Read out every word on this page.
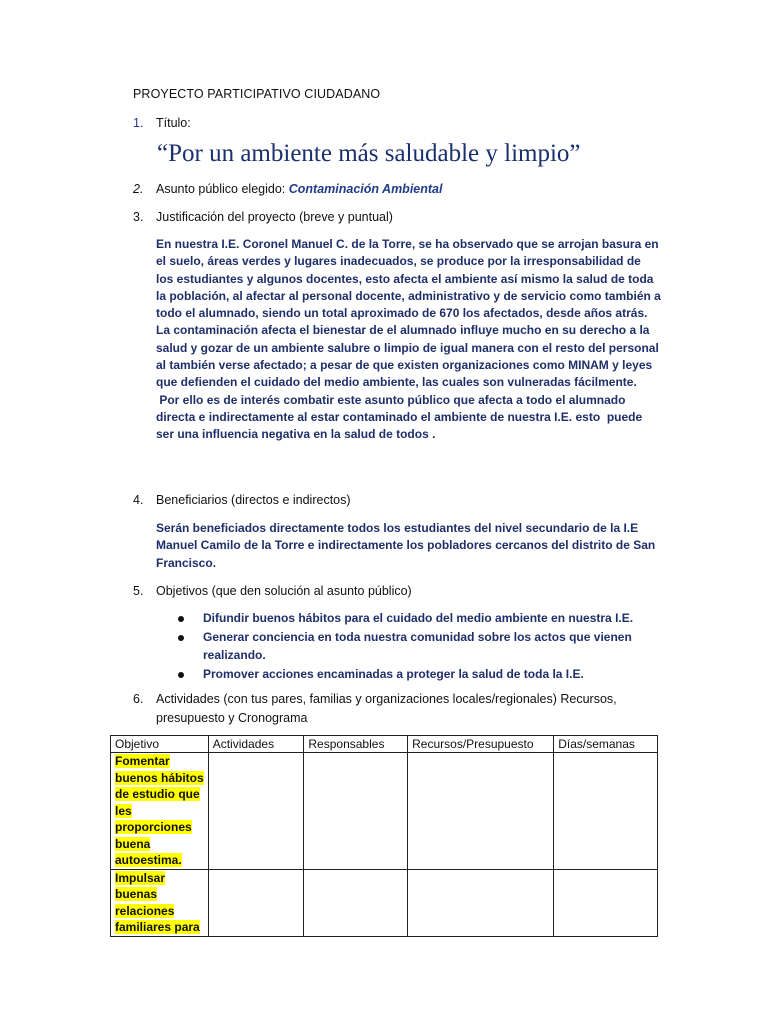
PROYECTO PARTICIPATIVO CIUDADANO
1. Título:
“Por un ambiente más saludable y limpio”
2. Asunto público elegido: Contaminación Ambiental
3. Justificación del proyecto (breve y puntual)

En nuestra I.E. Coronel Manuel C. de la Torre, se ha observado que se arrojan basura en el suelo, áreas verdes y lugares inadecuados, se produce por la irresponsabilidad de los estudiantes y algunos docentes, esto afecta el ambiente así mismo la salud de toda la población, al afectar al personal docente, administrativo y de servicio como también a todo el alumnado, siendo un total aproximado de 670 los afectados, desde años atrás.

La contaminación afecta el bienestar de el alumnado influye mucho en su derecho a la salud y gozar de un ambiente salubre o limpio de igual manera con el resto del personal al también verse afectado; a pesar de que existen organizaciones como MINAM y leyes que defienden el cuidado del medio ambiente, las cuales son vulneradas fácilmente.

Por ello es de interés combatir este asunto público que afecta a todo el alumnado directa e indirectamente al estar contaminado el ambiente de nuestra I.E. esto  puede ser una influencia negativa en la salud de todos .

4. Beneficiarios (directos e indirectos)
Serán beneficiados directamente todos los estudiantes del nivel secundario de la I.E Manuel Camilo de la Torre e indirectamente los pobladores cercanos del distrito de San Francisco.
5. Objetivos (que den solución al asunto público)
Difundir buenos hábitos para el cuidado del medio ambiente en nuestra I.E.
Generar conciencia en toda nuestra comunidad sobre los actos que vienen realizando.
Promover acciones encaminadas a proteger la salud de toda la I.E.
6. Actividades (con tus pares, familias y organizaciones locales/regionales) Recursos,
presupuesto y Cronograma
Objetivo	Actividades	Responsables	Recursos/Presupuesto	Días/semanas
Fomentar buenos hábitos de estudio que les proporciones buena autoestima.				
Impulsar buenas relaciones familiares para				
